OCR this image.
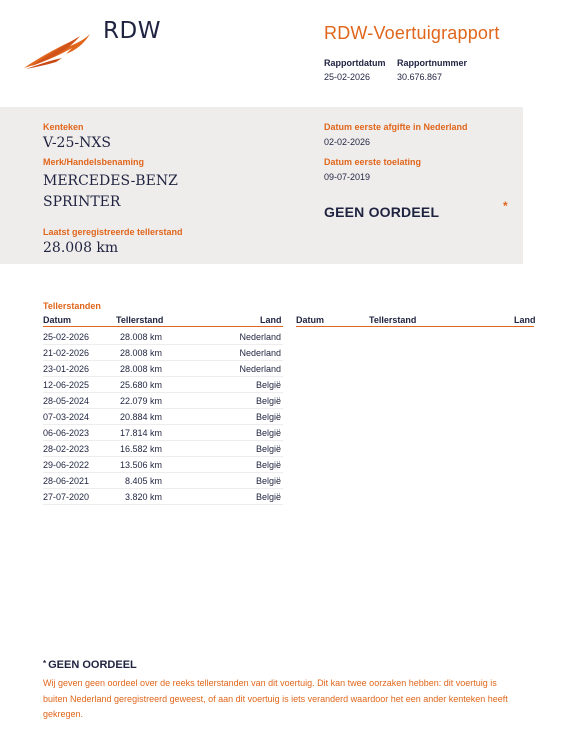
RDW	RDW-Voertuigrapport
Rapportdatum Rapportnummer
25-02-2026	30.676.867
Kenteken
V-25-NXS
Merk/Handelsbenaming
MERCEDES-BENZ
SPRINTER
Laatst geregistreerde tellerstand
28.008 km
Datum eerste afgifte in Nederland
02-02-2026
Datum eerste toelating
09-07-2019
GEEN OORDEEL	*
Tellerstanden
Datum	Tellerstand	Land Datum	Tellerstand	Land
25-02-2026	28.008 km	Nederland
21-02-2026	28.008 km	Nederland
23-01-2026	28.008 km	Nederland
12-06-2025	25.680 km	België
28-05-2024	22.079 km	België
07-03-2024	20.884 km	België
06-06-2023	17.814 km	België
28-02-2023	16.582 km	België
29-06-2022	13.506 km	België
28-06-2021	8.405 km	België
27-07-2020	3.820 km	België
* GEEN OORDEEL
Wij geven geen oordeel over de reeks tellerstanden van dit voertuig. Dit kan twee oorzaken hebben: dit voertuig is buiten Nederland geregistreerd geweest, of aan dit voertuig is iets veranderd waardoor het een ander kenteken heeft gekregen.
